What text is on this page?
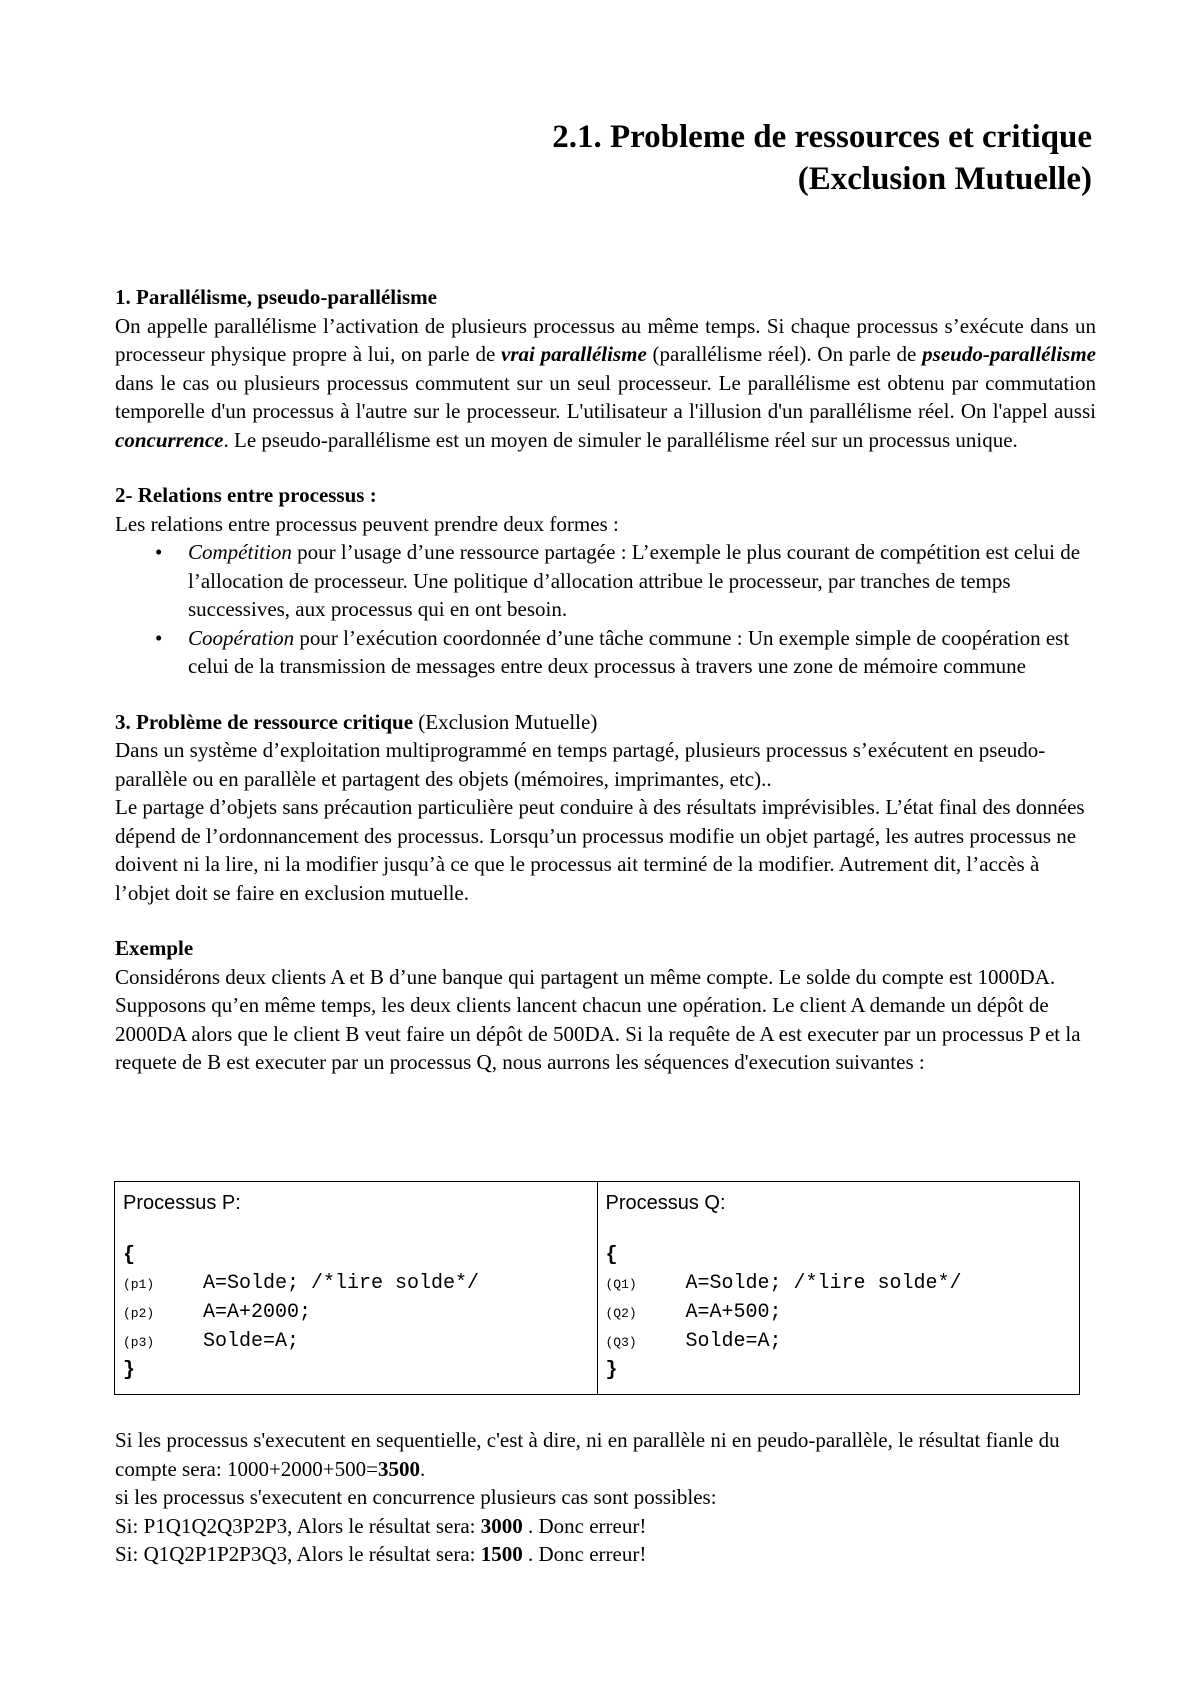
2.1. Probleme de ressources et critique
(Exclusion Mutuelle)
1. Parallélisme, pseudo-parallélisme

On appelle parallélisme l’activation de plusieurs processus au même temps. Si chaque processus s’exécute dans un processeur physique propre à lui, on parle de vrai parallélisme (parallélisme réel). On parle de pseudo-parallélisme dans le cas ou plusieurs processus commutent sur un seul processeur. Le parallélisme est obtenu par commutation temporelle d'un processus à l'autre sur le processeur. L'utilisateur a l'illusion d'un parallélisme réel. On l'appel aussi concurrence. Le pseudo-parallélisme est un moyen de simuler le parallélisme réel sur un processus unique.

2- Relations entre processus :

Les relations entre processus peuvent prendre deux formes :

• Compétition pour l’usage d’une ressource partagée : L’exemple le plus courant de compétition est celui de l’allocation de processeur. Une politique d’allocation attribue le processeur, par tranches de temps successives, aux processus qui en ont besoin.
• Coopération pour l’exécution coordonnée d’une tâche commune : Un exemple simple de coopération est celui de la transmission de messages entre deux processus à travers une zone de mémoire commune
3. Problème de ressource critique (Exclusion Mutuelle)

Dans un système d’exploitation multiprogrammé en temps partagé, plusieurs processus s’exécutent en pseudo-parallèle ou en parallèle et partagent des objets (mémoires, imprimantes, etc)..

Le partage d’objets sans précaution particulière peut conduire à des résultats imprévisibles. L’état final des données dépend de l’ordonnancement des processus. Lorsqu’un processus modifie un objet partagé, les autres processus ne doivent ni la lire, ni la modifier jusqu’à ce que le processus ait terminé de la modifier. Autrement dit, l’accès à l’objet doit se faire en exclusion mutuelle.

Exemple

Considérons deux clients A et B d’une banque qui partagent un même compte. Le solde du compte est 1000DA. Supposons qu’en même temps, les deux clients lancent chacun une opération. Le client A demande un dépôt de 2000DA alors que le client B veut faire un dépôt de 500DA. Si la requête de A est executer par un processus P et la requete de B est executer par un processus Q, nous aurrons les séquences d'execution suivantes :

Processus P:
{
(p1) A=Solde; /*lire solde*/
(p2) A=A+2000;
(p3) Solde=A;
}
Processus Q:
{
(Q1) A=Solde; /*lire solde*/
(Q2) A=A+500;
(Q3) Solde=A;
}

Si les processus s'executent en sequentielle, c'est à dire, ni en parallèle ni en peudo-parallèle, le résultat fianle du compte sera: 1000+2000+500=3500.

si les processus s'executent en concurrence plusieurs cas sont possibles:

Si: P1Q1Q2Q3P2P3, Alors le résultat sera: 3000 . Donc erreur!

Si: Q1Q2P1P2P3Q3, Alors le résultat sera: 1500 . Donc erreur!
